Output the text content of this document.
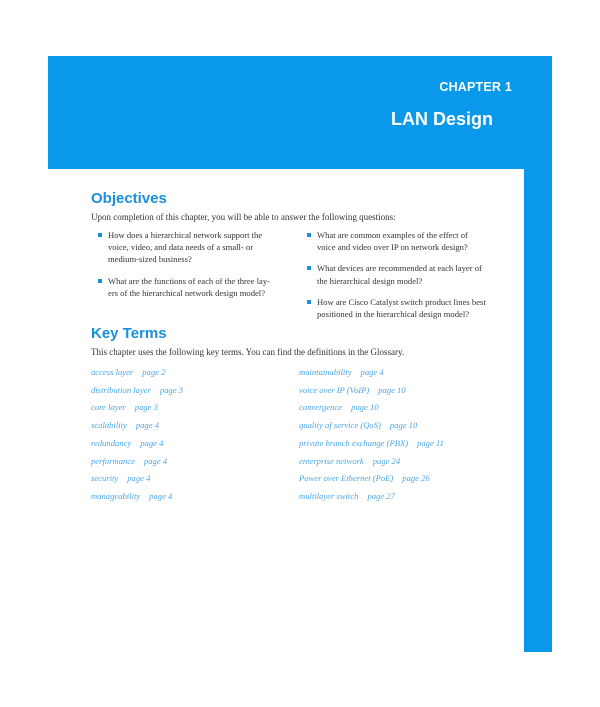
CHAPTER 1
LAN Design
Objectives
Upon completion of this chapter, you will be able to answer the following questions:
How does a hierarchical network support the
voice, video, and data needs of a small- or
medium-sized business?
What are the functions of each of the three lay-
ers of the hierarchical network design model?
What are common examples of the effect of
voice and video over IP on network design?
What devices are recommended at each layer of
the hierarchical design model?
How are Cisco Catalyst switch product lines best
positioned in the hierarchical design model?
Key Terms
This chapter uses the following key terms. You can find the definitions in the Glossary.
access layer page 2
distribution layer page 3
core layer page 3
scalability page 4
redundancy page 4
performance page 4
security page 4
manageability page 4
maintainability page 4
voice over IP (VoIP) page 10
convergence page 10
quality of service (QoS) page 10
private branch exchange (PBX) page 11
enterprise network page 24
Power over Ethernet (PoE) page 26
multilayer switch page 27
